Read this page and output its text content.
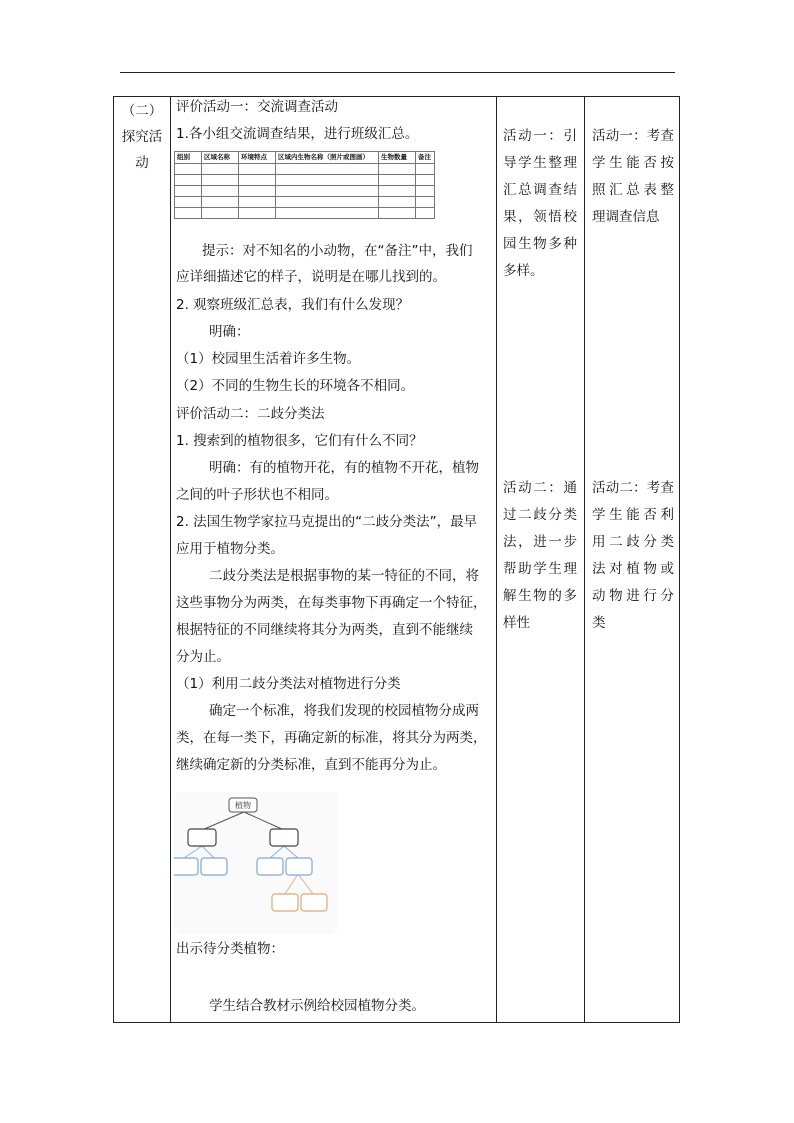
（二）
探究活
动
评价活动一：交流调查活动
1.各小组交流调查结果，进行班级汇总。
组别	区域名称	环境特点	区域内生物名称（照片或图画）	生物数量	备注

提示：对不知名的小动物，在“备注”中，我们
应详细描述它的样子，说明是在哪儿找到的。
2. 观察班级汇总表，我们有什么发现？
明确：
（1）校园里生活着许多生物。
（2）不同的生物生长的环境各不相同。
评价活动二：二歧分类法
1. 搜索到的植物很多，它们有什么不同？
明确：有的植物开花，有的植物不开花，植物
之间的叶子形状也不相同。
2. 法国生物学家拉马克提出的“二歧分类法”，最早
应用于植物分类。
二歧分类法是根据事物的某一特征的不同，将
这些事物分为两类，在每类事物下再确定一个特征，
根据特征的不同继续将其分为两类，直到不能继续
分为止。
（1）利用二歧分类法对植物进行分类
确定一个标准，将我们发现的校园植物分成两
类，在每一类下，再确定新的标准，将其分为两类，
继续确定新的分类标准，直到不能再分为止。
植物
出示待分类植物：
学生结合教材示例给校园植物分类。
活动一：引
导学生整理
汇总调查结
果，领悟校
园生物多种
多样。
活动二：通
过二歧分类
法，进一步
帮助学生理
解生物的多
样性
活动一：考查
学生能否按
照汇总表整
理调查信息
活动二：考查
学生能否利
用二歧分类
法对植物或
动物进行分
类
